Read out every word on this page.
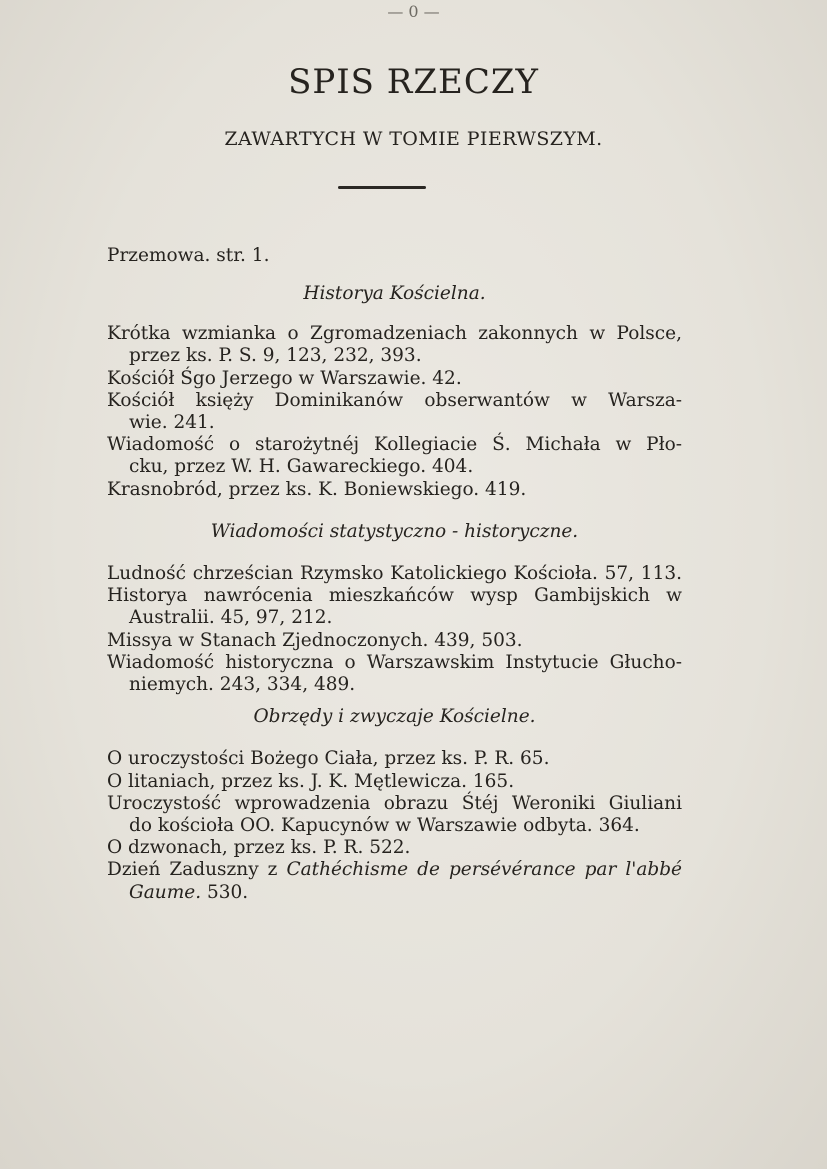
— 0 —
SPIS RZECZY
ZAWARTYCH W TOMIE PIERWSZYM.
Przemowa. str. 1.
Historya Kościelna.
Krótka wzmianka o Zgromadzeniach zakonnych w Polsce,
przez ks. P. S. 9, 123, 232, 393.
Kościół Śgo Jerzego w Warszawie. 42.
Kościół księży Dominikanów obserwantów w Warsza-
wie. 241.
Wiadomość o starożytnéj Kollegiacie Ś. Michała w Pło-
cku, przez W. H. Gawareckiego. 404.
Krasnobród, przez ks. K. Boniewskiego. 419.
Wiadomości statystyczno - historyczne.
Ludność chrześcian Rzymsko Katolickiego Kościoła. 57, 113.
Historya nawrócenia mieszkańców wysp Gambijskich w
Australii. 45, 97, 212.
Missya w Stanach Zjednoczonych. 439, 503.
Wiadomość historyczna o Warszawskim Instytucie Głucho-
niemych. 243, 334, 489.
Obrzędy i zwyczaje Kościelne.
O uroczystości Bożego Ciała, przez ks. P. R. 65.
O litaniach, przez ks. J. K. Mętlewicza. 165.
Uroczystość wprowadzenia obrazu Śtéj Weroniki Giuliani
do kościoła OO. Kapucynów w Warszawie odbyta. 364.
O dzwonach, przez ks. P. R. 522.
Dzień Zaduszny z Cathéchisme de persévérance par l'abbé
Gaume. 530.
